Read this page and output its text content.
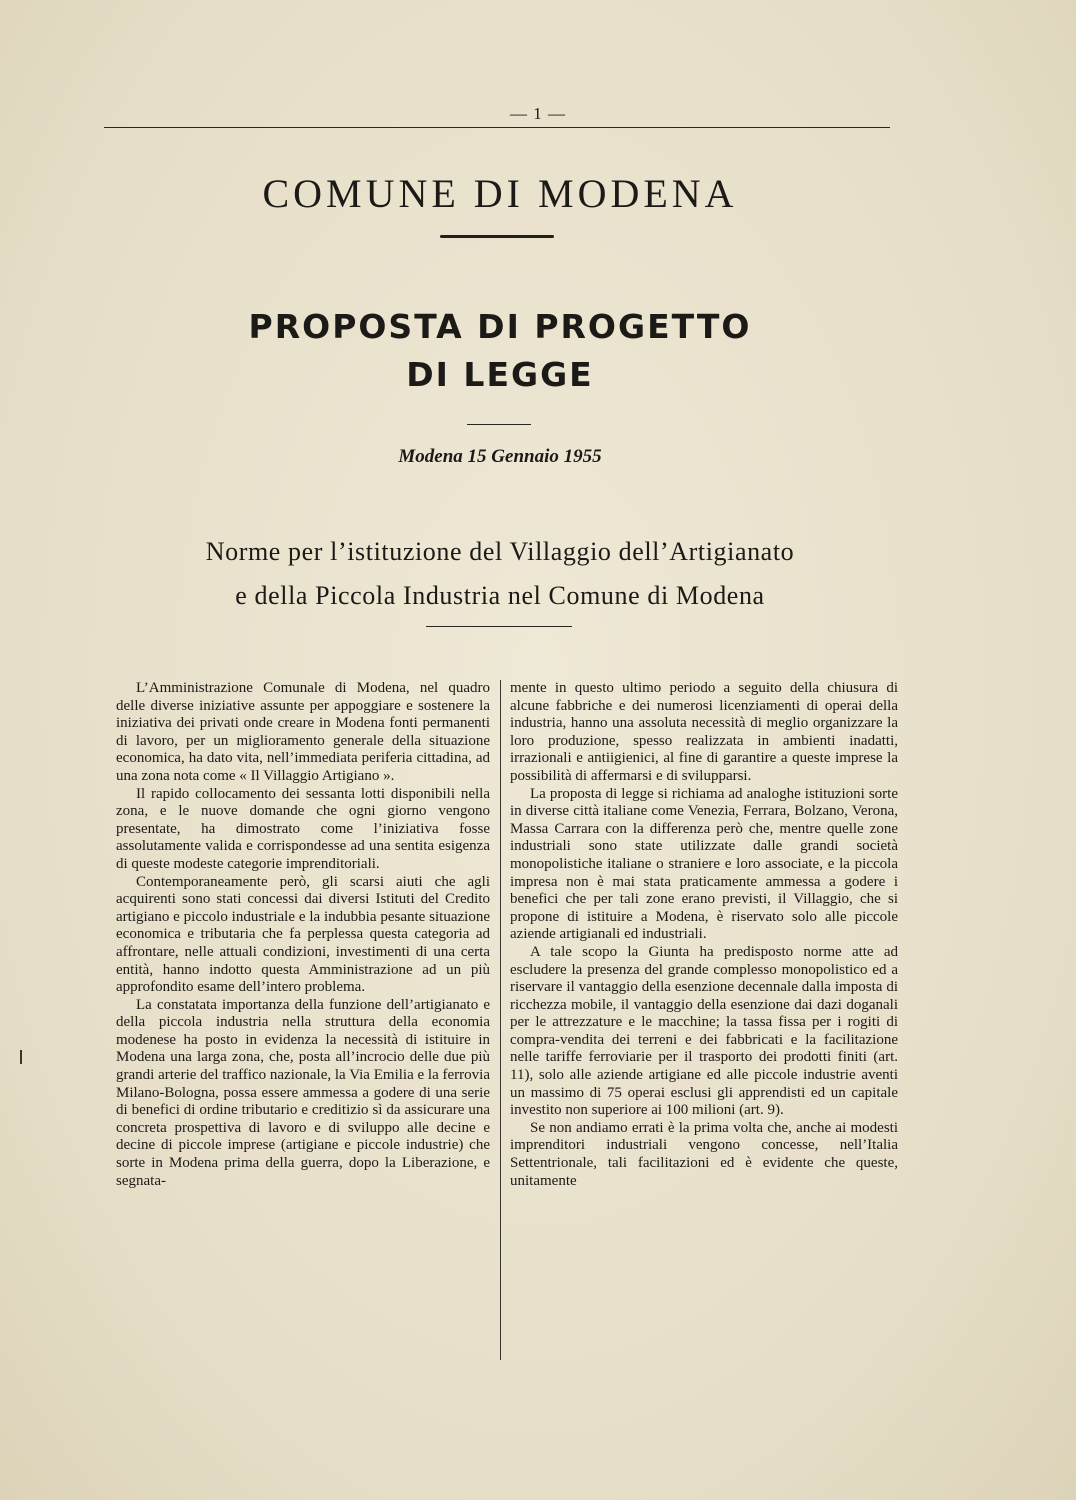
— 1 —
COMUNE DI MODENA
PROPOSTA DI PROGETTO
DI LEGGE
Modena 15 Gennaio 1955
Norme per l’istituzione del Villaggio dell’Artigianato
e della Piccola Industria nel Comune di Modena

L’Amministrazione Comunale di Modena, nel quadro delle diverse iniziative assunte per appoggiare e sostenere la iniziativa dei privati onde creare in Modena fonti permanenti di lavoro, per un miglioramento generale della situazione economica, ha dato vita, nell’immediata periferia cittadina, ad una zona nota come « Il Villaggio Artigiano ».

Il rapido collocamento dei sessanta lotti disponibili nella zona, e le nuove domande che ogni giorno vengono presentate, ha dimostrato come l’iniziativa fosse assolutamente valida e corrispondesse ad una sentita esigenza di queste modeste categorie imprenditoriali.

Contemporaneamente però, gli scarsi aiuti che agli acquirenti sono stati concessi dai diversi Istituti del Credito artigiano e piccolo industriale e la indubbia pesante situazione economica e tributaria che fa perplessa questa categoria ad affrontare, nelle attuali condizioni, investimenti di una certa entità, hanno indotto questa Amministrazione ad un più approfondito esame dell’intero problema.

La constatata importanza della funzione dell’artigianato e della piccola industria nella struttura della economia modenese ha posto in evidenza la necessità di istituire in Modena una larga zona, che, posta all’incrocio delle due più grandi arterie del traffico nazionale, la Via Emilia e la ferrovia Milano-Bologna, possa essere ammessa a godere di una serie di benefici di ordine tributario e creditizio sì da assicurare una concreta prospettiva di lavoro e di sviluppo alle decine e decine di piccole imprese (artigiane e piccole industrie) che sorte in Modena prima della guerra, dopo la Liberazione, e segnata-

mente in questo ultimo periodo a seguito della chiusura di alcune fabbriche e dei numerosi licenziamenti di operai della industria, hanno una assoluta necessità di meglio organizzare la loro produzione, spesso realizzata in ambienti inadatti, irrazionali e antiigienici, al fine di garantire a queste imprese la possibilità di affermarsi e di svilupparsi.

La proposta di legge si richiama ad analoghe istituzioni sorte in diverse città italiane come Venezia, Ferrara, Bolzano, Verona, Massa Carrara con la differenza però che, mentre quelle zone industriali sono state utilizzate dalle grandi società monopolistiche italiane o straniere e loro associate, e la piccola impresa non è mai stata praticamente ammessa a godere i benefici che per tali zone erano previsti, il Villaggio, che si propone di istituire a Modena, è riservato solo alle piccole aziende artigianali ed industriali.

A tale scopo la Giunta ha predisposto norme atte ad escludere la presenza del grande complesso monopolistico ed a riservare il vantaggio della esenzione decennale dalla imposta di ricchezza mobile, il vantaggio della esenzione dai dazi doganali per le attrezzature e le macchine; la tassa fissa per i rogiti di compra-vendita dei terreni e dei fabbricati e la facilitazione nelle tariffe ferroviarie per il trasporto dei prodotti finiti (art. 11), solo alle aziende artigiane ed alle piccole industrie aventi un massimo di 75 operai esclusi gli apprendisti ed un capitale investito non superiore ai 100 milioni (art. 9).

Se non andiamo errati è la prima volta che, anche ai modesti imprenditori industriali vengono concesse, nell’Italia Settentrionale, tali facilitazioni ed è evidente che queste, unitamente
